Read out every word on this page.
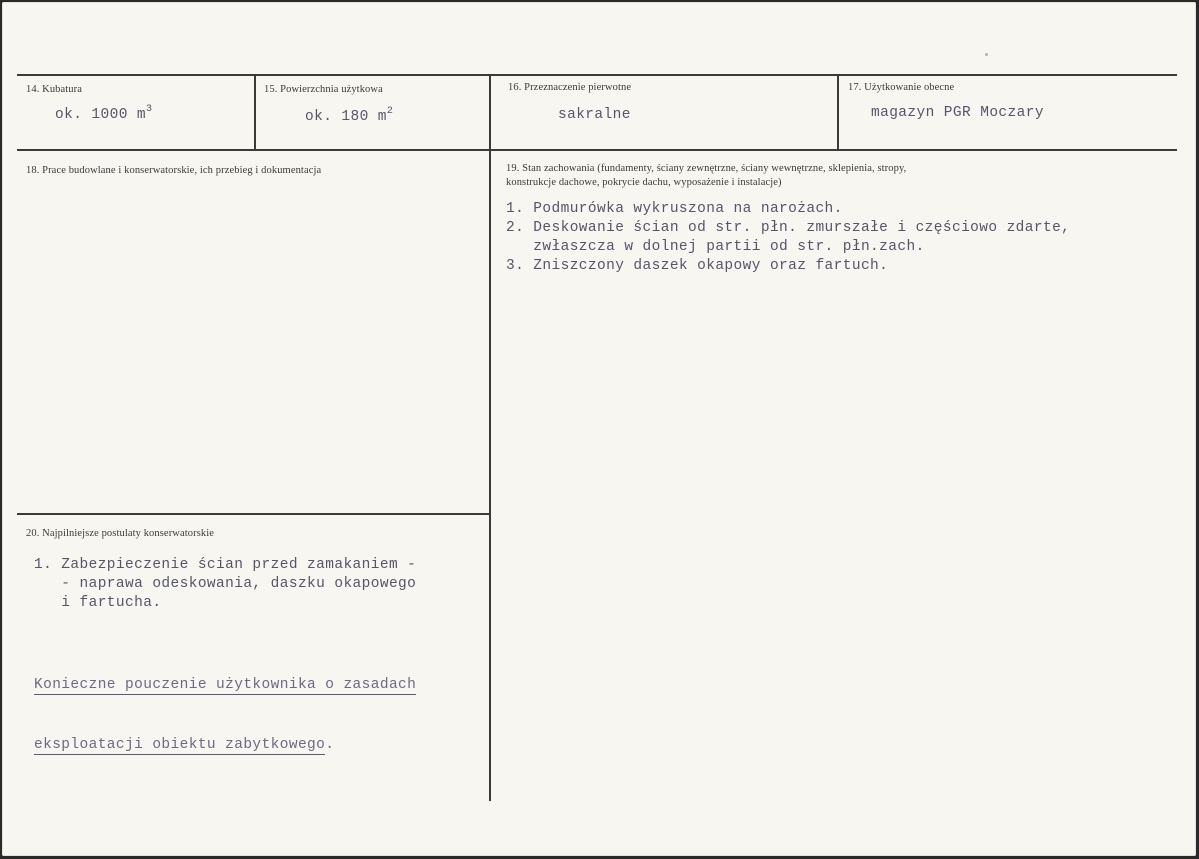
14. Kubatura
ok. 1000 $m^3$
15. Powierzchnia użytkowa
ok. 180 $m^2$
16. Przeznaczenie pierwotne
sakralne
17. Użytkowanie obecne
magazyn PGR Moczary
18. Prace budowlane i konserwatorskie, ich przebieg i dokumentacja	19. Stan zachowania (fundamenty, ściany zewnętrzne, ściany wewnętrzne, sklepienia, stropy,
konstrukcje dachowe, pokrycie dachu, wyposażenie i instalacje)
1. Podmurówka wykruszona na narożach.
2. Deskowanie ścian od str. płn. zmurszałe i częściowo zdarte,
zwłaszcza w dolnej partii od str. płn.zach.
3. Zniszczony daszek okapowy oraz fartuch.
20. Najpilniejsze postulaty konserwatorskie
1. Zabezpieczenie ścian przed zamakaniem -
- naprawa odeskowania, daszku okapowego
i fartucha.

Konieczne pouczenie użytkownika o zasadach

eksploatacji obiektu zabytkowego.
